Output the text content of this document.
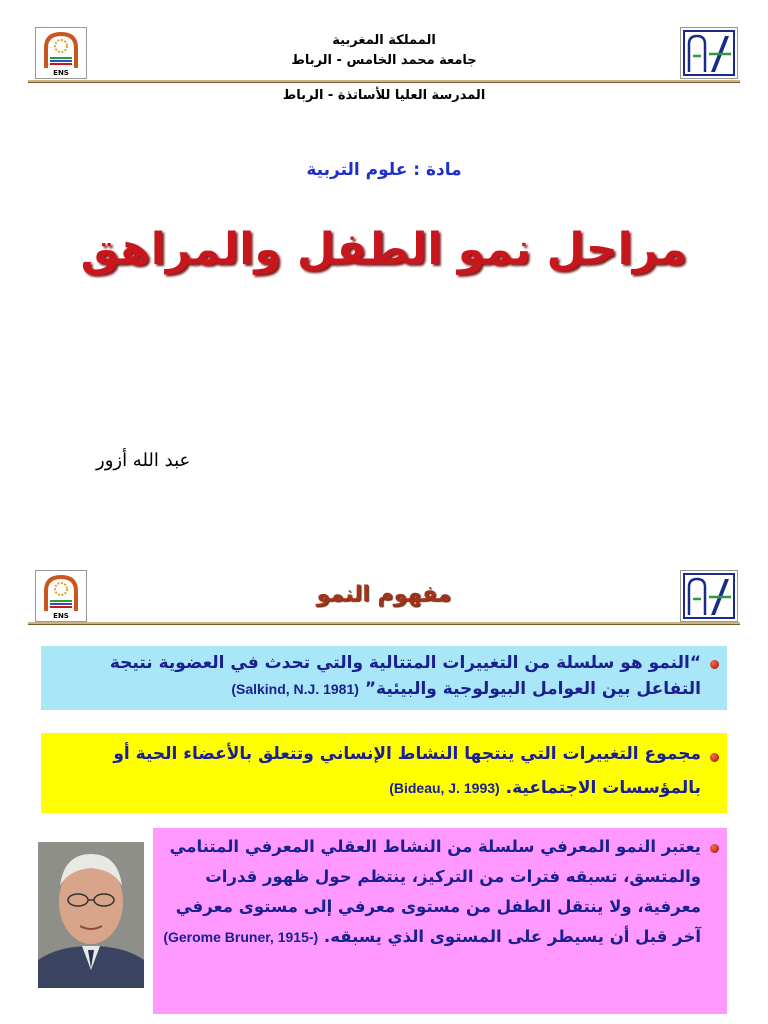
ENS
المملكة المغربية
جامعة محمد الخامس - الرباط
المدرسة العليا للأساتذة - الرباط
مادة : علوم التربية
مراحل نمو الطفل والمراهق
عبد الله أزور
ENS
مفهوم النمو
“النمو هو سلسلة من التغييرات المتتالية والتي تحدث في العضوية نتيجة التفاعل بين العوامل البيولوجية والبيئية” (Salkind, N.J. 1981)
مجموع التغييرات التي ينتجها النشاط الإنساني وتتعلق بالأعضاء الحية أو بالمؤسسات الاجتماعية. (Bideau, J. 1993)
يعتبر النمو المعرفي سلسلة من النشاط العقلي المعرفي المتنامي والمتسق، تسبقه فترات من التركيز، ينتظم حول ظهور قدرات معرفية، ولا ينتقل الطفل من مستوى معرفي إلى مستوى معرفي آخر قبل أن يسيطر على المستوى الذي يسبقه. (Gerome Bruner, 1915-)
